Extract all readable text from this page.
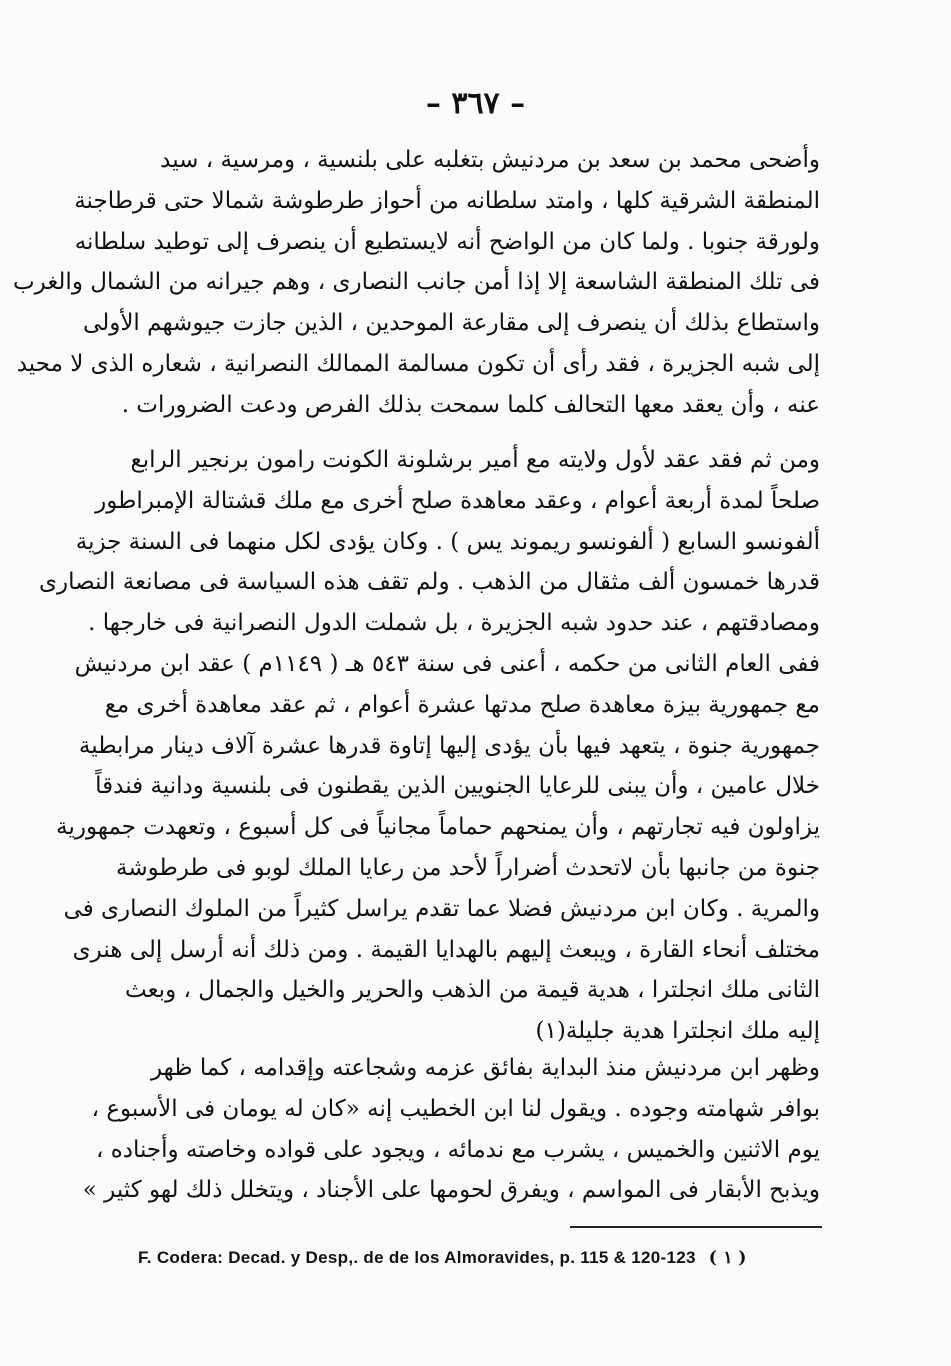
– ٣٦٧ –
وأضحى محمد بن سعد بن مردنيش بتغلبه على بلنسية ، ومرسية ، سيد
المنطقة الشرقية كلها ، وامتد سلطانه من أحواز طرطوشة شمالا حتى قرطاجنة
ولورقة جنوبا . ولما كان من الواضح أنه لايستطيع أن ينصرف إلى توطيد سلطانه
فى تلك المنطقة الشاسعة إلا إذا أمن جانب النصارى ، وهم جيرانه من الشمال والغرب
واستطاع بذلك أن ينصرف إلى مقارعة الموحدين ، الذين جازت جيوشهم الأولى
إلى شبه الجزيرة ، فقد رأى أن تكون مسالمة الممالك النصرانية ، شعاره الذى لا محيد
عنه ، وأن يعقد معها التحالف كلما سمحت بذلك الفرص ودعت الضرورات .
ومن ثم فقد عقد لأول ولايته مع أمير برشلونة الكونت رامون برنجير الرابع
صلحاً لمدة أربعة أعوام ، وعقد معاهدة صلح أخرى مع ملك قشتالة الإمبراطور
ألفونسو السابع ( ألفونسو ريموند يس ) . وكان يؤدى لكل منهما فى السنة جزية
قدرها خمسون ألف مثقال من الذهب . ولم تقف هذه السياسة فى مصانعة النصارى
ومصادقتهم ، عند حدود شبه الجزيرة ، بل شملت الدول النصرانية فى خارجها .
ففى العام الثانى من حكمه ، أعنى فى سنة ٥٤٣ هـ ( ١١٤٩م ) عقد ابن مردنيش
مع جمهورية بيزة معاهدة صلح مدتها عشرة أعوام ، ثم عقد معاهدة أخرى مع
جمهورية جنوة ، يتعهد فيها بأن يؤدى إليها إتاوة قدرها عشرة آلاف دينار مرابطية
خلال عامين ، وأن يبنى للرعايا الجنويين الذين يقطنون فى بلنسية ودانية فندقاً
يزاولون فيه تجارتهم ، وأن يمنحهم حماماً مجانياً فى كل أسبوع ، وتعهدت جمهورية
جنوة من جانبها بأن لاتحدث أضراراً لأحد من رعايا الملك لوبو فى طرطوشة
والمرية . وكان ابن مردنيش فضلا عما تقدم يراسل كثيراً من الملوك النصارى فى
مختلف أنحاء القارة ، ويبعث إليهم بالهدايا القيمة . ومن ذلك أنه أرسل إلى هنرى
الثانى ملك انجلترا ، هدية قيمة من الذهب والحرير والخيل والجمال ، وبعث
إليه ملك انجلترا هدية جليلة(١)
وظهر ابن مردنيش منذ البداية بفائق عزمه وشجاعته وإقدامه ، كما ظهر
بوافر شهامته وجوده . ويقول لنا ابن الخطيب إنه «كان له يومان فى الأسبوع ،
يوم الاثنين والخميس ، يشرب مع ندمائه ، ويجود على قواده وخاصته وأجناده ،
ويذبح الأبقار فى المواسم ، ويفرق لحومها على الأجناد ، ويتخلل ذلك لهو كثير »
F. Codera: Decad. y Desp,. de de los Almoravides, p. 115 & 120-123 ( ١ )
